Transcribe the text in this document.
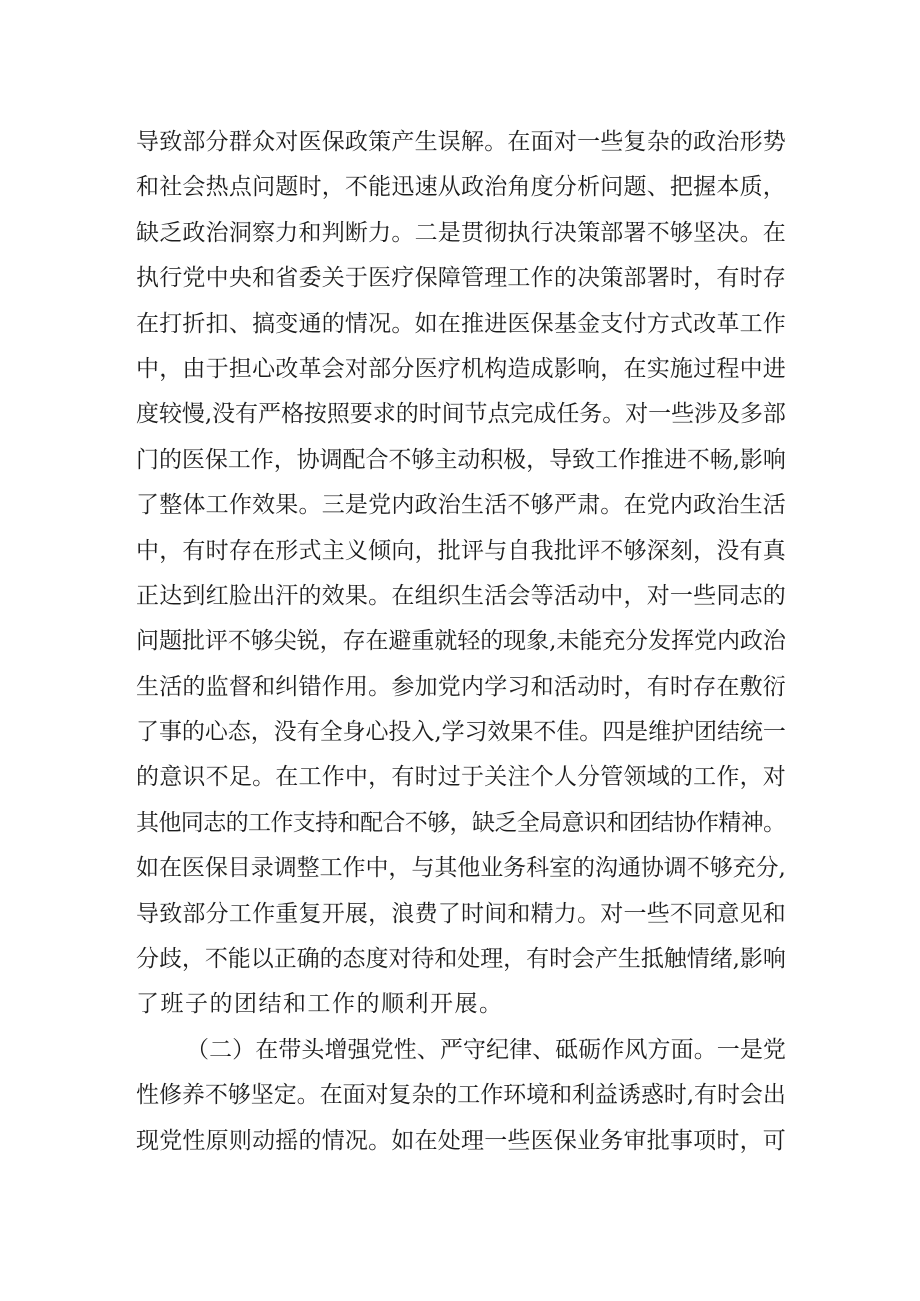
导致部分群众对医保政策产生误解。在面对一些复杂的政治形势
和社会热点问题时，不能迅速从政治角度分析问题、把握本质，
缺乏政治洞察力和判断力。二是贯彻执行决策部署不够坚决。在
执行党中央和省委关于医疗保障管理工作的决策部署时，有时存
在打折扣、搞变通的情况。如在推进医保基金支付方式改革工作
中，由于担心改革会对部分医疗机构造成影响，在实施过程中进
度较慢,没有严格按照要求的时间节点完成任务。对一些涉及多部
门的医保工作，协调配合不够主动积极，导致工作推进不畅,影响
了整体工作效果。三是党内政治生活不够严肃。在党内政治生活
中，有时存在形式主义倾向，批评与自我批评不够深刻，没有真
正达到红脸出汗的效果。在组织生活会等活动中，对一些同志的
问题批评不够尖锐，存在避重就轻的现象,未能充分发挥党内政治
生活的监督和纠错作用。参加党内学习和活动时，有时存在敷衍
了事的心态，没有全身心投入,学习效果不佳。四是维护团结统一
的意识不足。在工作中，有时过于关注个人分管领域的工作，对
其他同志的工作支持和配合不够，缺乏全局意识和团结协作精神。
如在医保目录调整工作中，与其他业务科室的沟通协调不够充分,
导致部分工作重复开展，浪费了时间和精力。对一些不同意见和
分歧，不能以正确的态度对待和处理，有时会产生抵触情绪,影响
了班子的团结和工作的顺利开展。
（二）在带头增强党性、严守纪律、砥砺作风方面。一是党
性修养不够坚定。在面对复杂的工作环境和利益诱惑时,有时会出
现党性原则动摇的情况。如在处理一些医保业务审批事项时，可
